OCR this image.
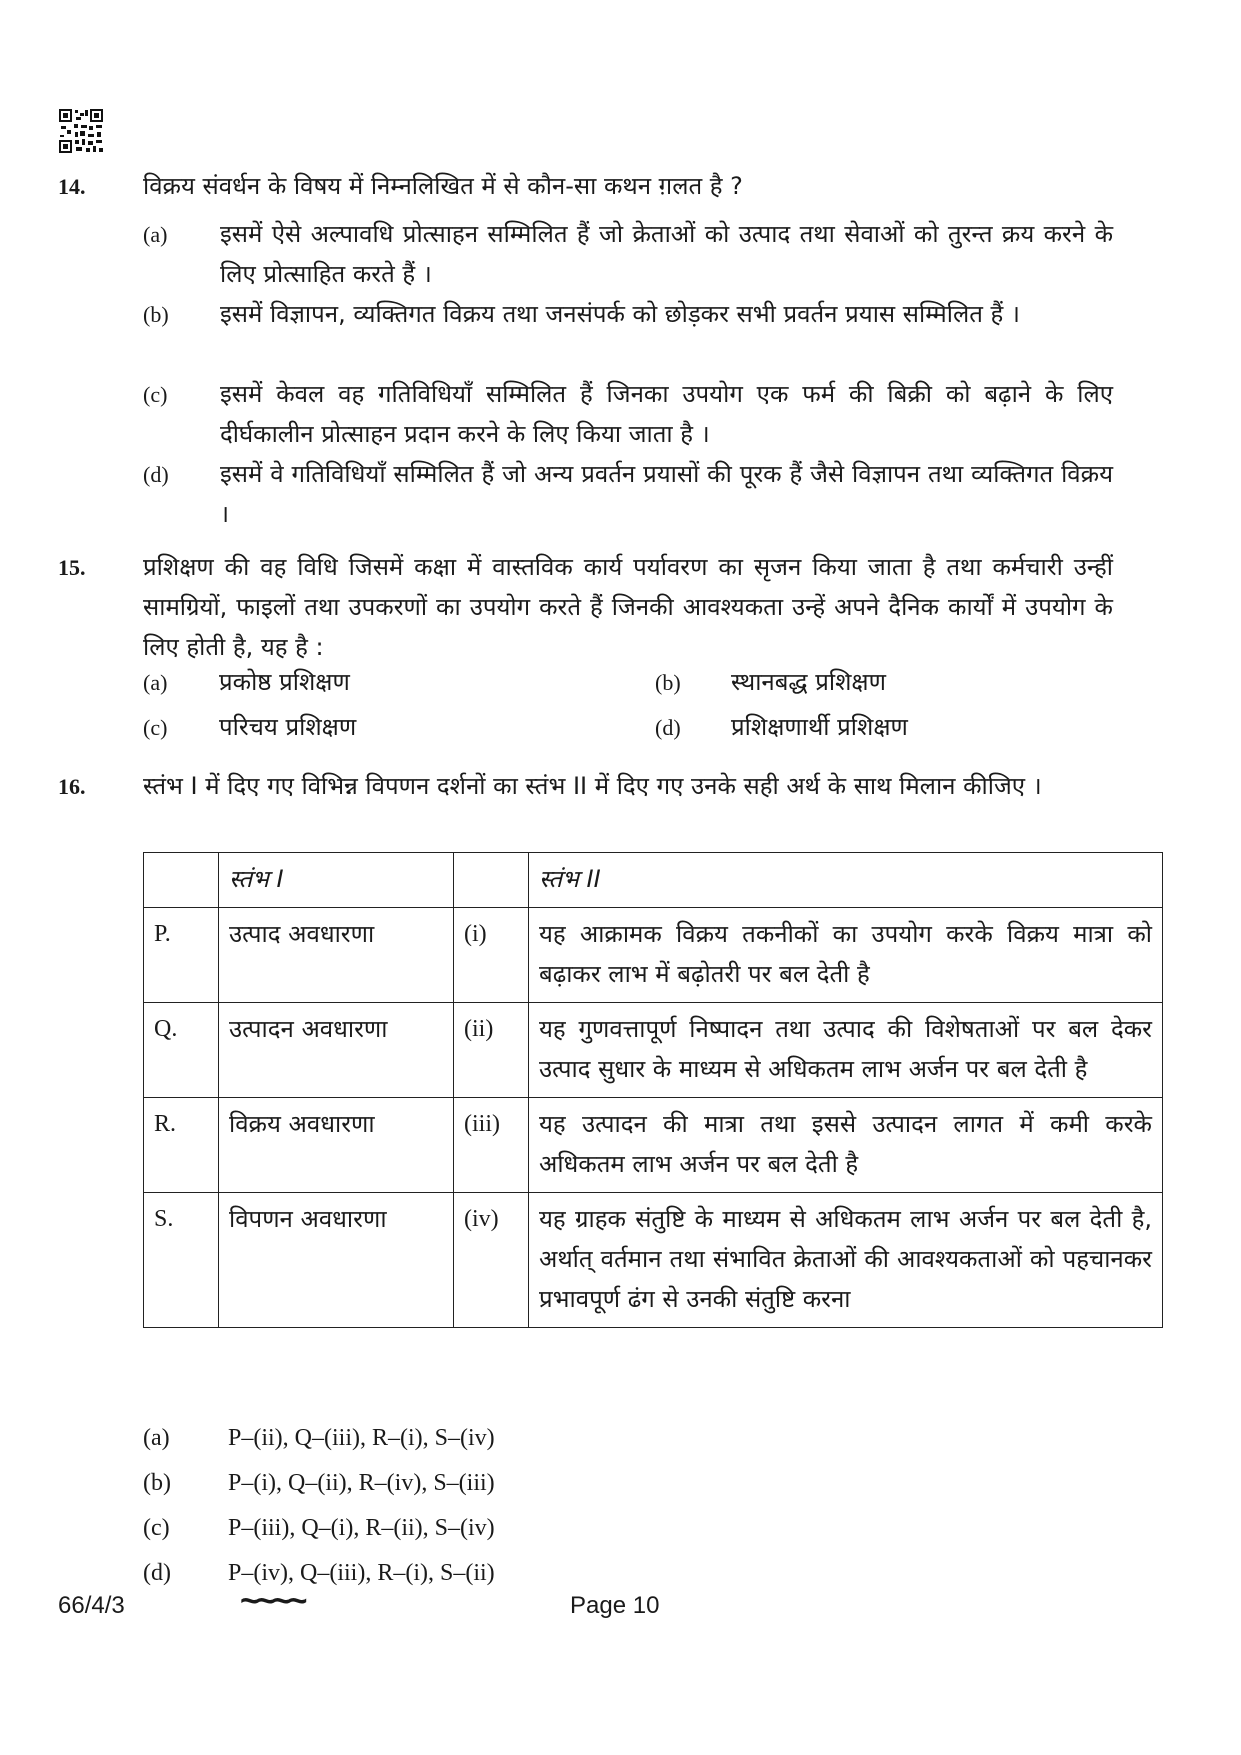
14. विक्रय संवर्धन के विषय में निम्नलिखित में से कौन-सा कथन ग़लत है ?
(a) इसमें ऐसे अल्पावधि प्रोत्साहन सम्मिलित हैं जो क्रेताओं को उत्पाद तथा सेवाओं को तुरन्त क्रय करने के लिए प्रोत्साहित करते हैं ।
(b) इसमें विज्ञापन, व्यक्तिगत विक्रय तथा जनसंपर्क को छोड़कर सभी प्रवर्तन प्रयास सम्मिलित हैं ।
(c) इसमें केवल वह गतिविधियाँ सम्मिलित हैं जिनका उपयोग एक फर्म की बिक्री को बढ़ाने के लिए दीर्घकालीन प्रोत्साहन प्रदान करने के लिए किया जाता है ।
(d) इसमें वे गतिविधियाँ सम्मिलित हैं जो अन्य प्रवर्तन प्रयासों की पूरक हैं जैसे विज्ञापन तथा व्यक्तिगत विक्रय ।
15. प्रशिक्षण की वह विधि जिसमें कक्षा में वास्तविक कार्य पर्यावरण का सृजन किया जाता है तथा कर्मचारी उन्हीं सामग्रियों, फाइलों तथा उपकरणों का उपयोग करते हैं जिनकी आवश्यकता उन्हें अपने दैनिक कार्यों में उपयोग के लिए होती है, यह है :
(a) प्रकोष्ठ प्रशिक्षण	(b) स्थानबद्ध प्रशिक्षण
(c) परिचय प्रशिक्षण	(d) प्रशिक्षणार्थी प्रशिक्षण
16. स्तंभ I में दिए गए विभिन्न विपणन दर्शनों का स्तंभ II में दिए गए उनके सही अर्थ के साथ मिलान कीजिए ।
	स्तंभ I		स्तंभ II
P.	उत्पाद अवधारणा	(i)	यह आक्रामक विक्रय तकनीकों का उपयोग करके विक्रय मात्रा को बढ़ाकर लाभ में बढ़ोतरी पर बल देती है
Q.	उत्पादन अवधारणा	(ii)	यह गुणवत्तापूर्ण निष्पादन तथा उत्पाद की विशेषताओं पर बल देकर उत्पाद सुधार के माध्यम से अधिकतम लाभ अर्जन पर बल देती है
R.	विक्रय अवधारणा	(iii)	यह उत्पादन की मात्रा तथा इससे उत्पादन लागत में कमी करके अधिकतम लाभ अर्जन पर बल देती है
S.	विपणन अवधारणा	(iv)	यह ग्राहक संतुष्टि के माध्यम से अधिकतम लाभ अर्जन पर बल देती है, अर्थात् वर्तमान तथा संभावित क्रेताओं की आवश्यकताओं को पहचानकर प्रभावपूर्ण ढंग से उनकी संतुष्टि करना
(a) P–(ii), Q–(iii), R–(i), S–(iv)
(b) P–(i), Q–(ii), R–(iv), S–(iii)
(c) P–(iii), Q–(i), R–(ii), S–(iv)
(d) P–(iv), Q–(iii), R–(i), S–(ii)
66/4/3	~~~~	Page 10
